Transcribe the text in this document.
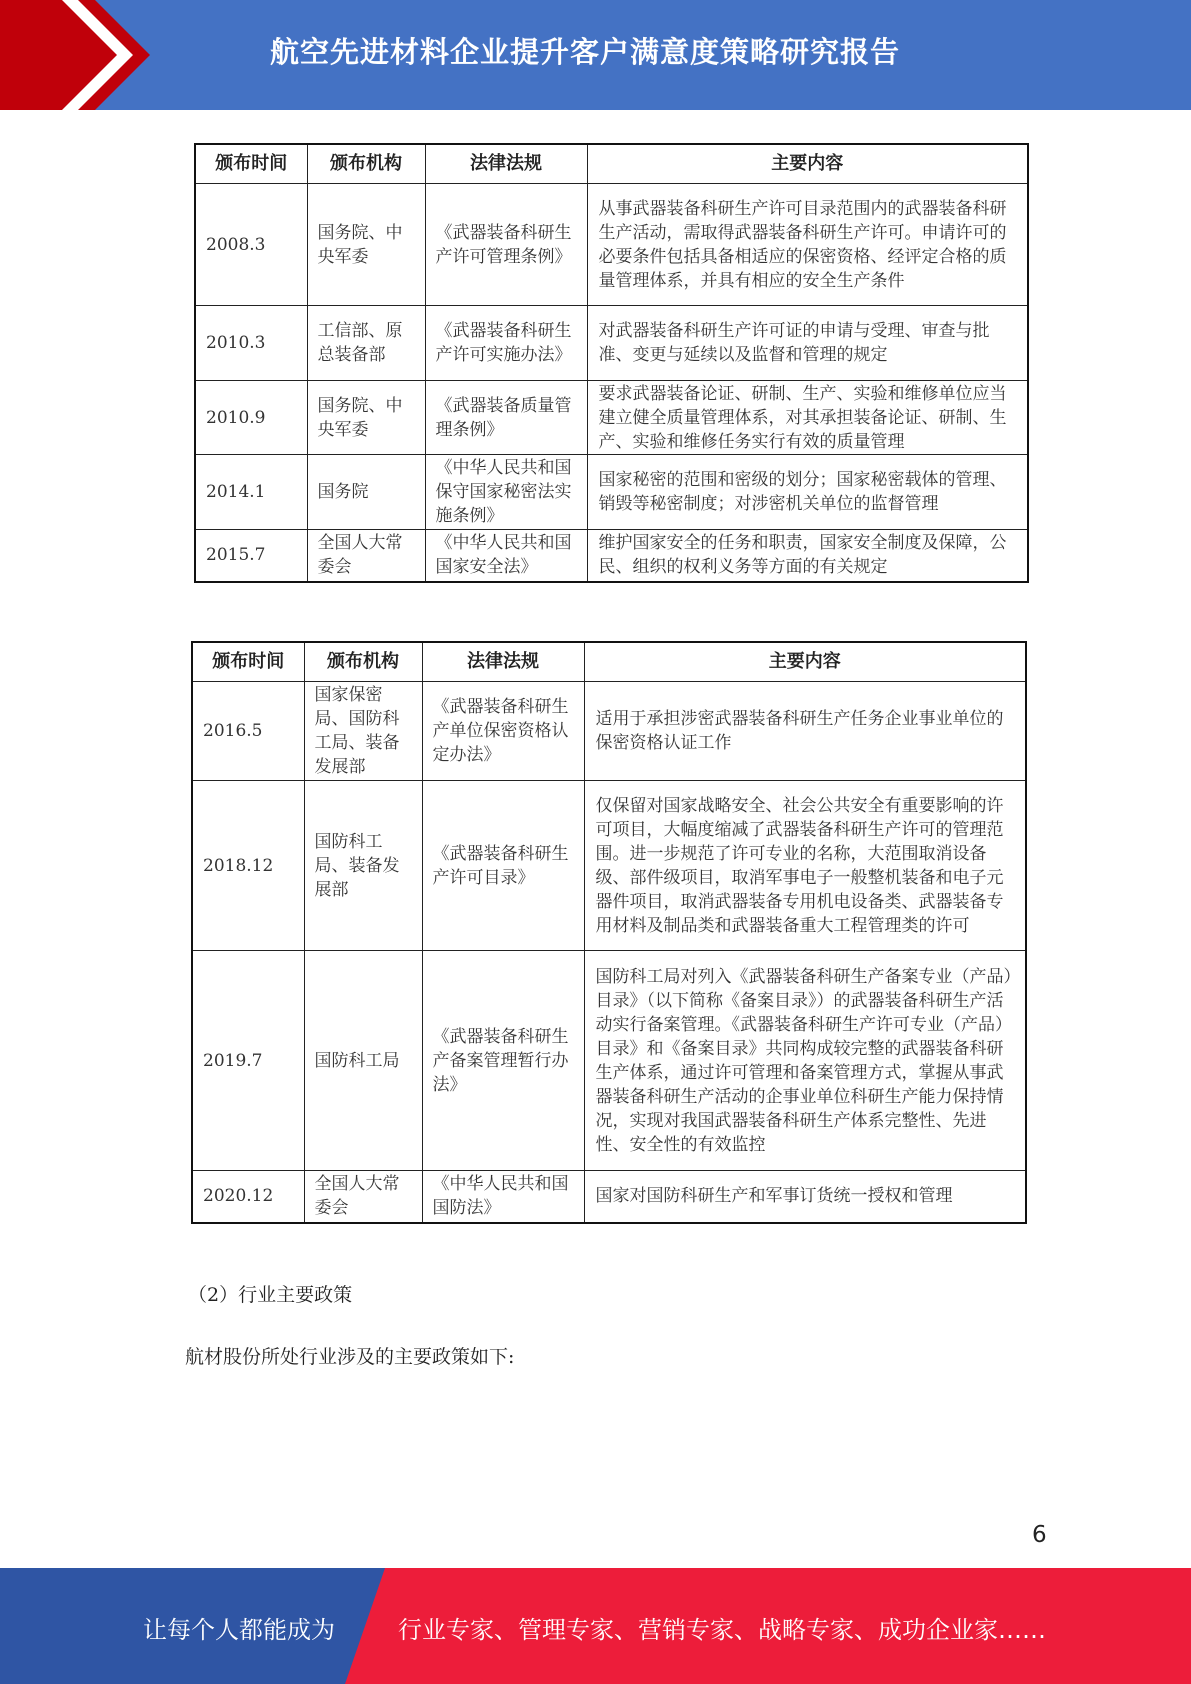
航空先进材料企业提升客户满意度策略研究报告
颁布时间	颁布机构	法律法规	主要内容
2008.3	国务院、中央军委	《武器装备科研生产许可管理条例》	从事武器装备科研生产许可目录范围内的武器装备科研生产活动，需取得武器装备科研生产许可。申请许可的必要条件包括具备相适应的保密资格、经评定合格的质量管理体系，并具有相应的安全生产条件
2010.3	工信部、原总装备部	《武器装备科研生产许可实施办法》	对武器装备科研生产许可证的申请与受理、审查与批准、变更与延续以及监督和管理的规定
2010.9	国务院、中央军委	《武器装备质量管理条例》	要求武器装备论证、研制、生产、实验和维修单位应当建立健全质量管理体系，对其承担装备论证、研制、生产、实验和维修任务实行有效的质量管理
2014.1	国务院	《中华人民共和国保守国家秘密法实施条例》	国家秘密的范围和密级的划分；国家秘密载体的管理、销毁等秘密制度；对涉密机关单位的监督管理
2015.7	全国人大常委会	《中华人民共和国国家安全法》	维护国家安全的任务和职责，国家安全制度及保障，公民、组织的权利义务等方面的有关规定
颁布时间	颁布机构	法律法规	主要内容
2016.5	国家保密局、国防科工局、装备发展部	《武器装备科研生产单位保密资格认定办法》	适用于承担涉密武器装备科研生产任务企业事业单位的保密资格认证工作
2018.12	国防科工局、装备发展部	《武器装备科研生产许可目录》	仅保留对国家战略安全、社会公共安全有重要影响的许可项目，大幅度缩减了武器装备科研生产许可的管理范围。进一步规范了许可专业的名称，大范围取消设备级、部件级项目，取消军事电子一般整机装备和电子元器件项目，取消武器装备专用机电设备类、武器装备专用材料及制品类和武器装备重大工程管理类的许可
2019.7	国防科工局	《武器装备科研生产备案管理暂行办法》	国防科工局对列入《武器装备科研生产备案专业（产品）目录》（以下简称《备案目录》）的武器装备科研生产活动实行备案管理。《武器装备科研生产许可专业（产品）目录》和《备案目录》共同构成较完整的武器装备科研生产体系，通过许可管理和备案管理方式，掌握从事武器装备科研生产活动的企事业单位科研生产能力保持情况，实现对我国武器装备科研生产体系完整性、先进性、安全性的有效监控
2020.12	全国人大常委会	《中华人民共和国国防法》	国家对国防科研生产和军事订货统一授权和管理
（2）行业主要政策
航材股份所处行业涉及的主要政策如下:
6
让每个人都能成为	行业专家、管理专家、营销专家、战略专家、成功企业家……
